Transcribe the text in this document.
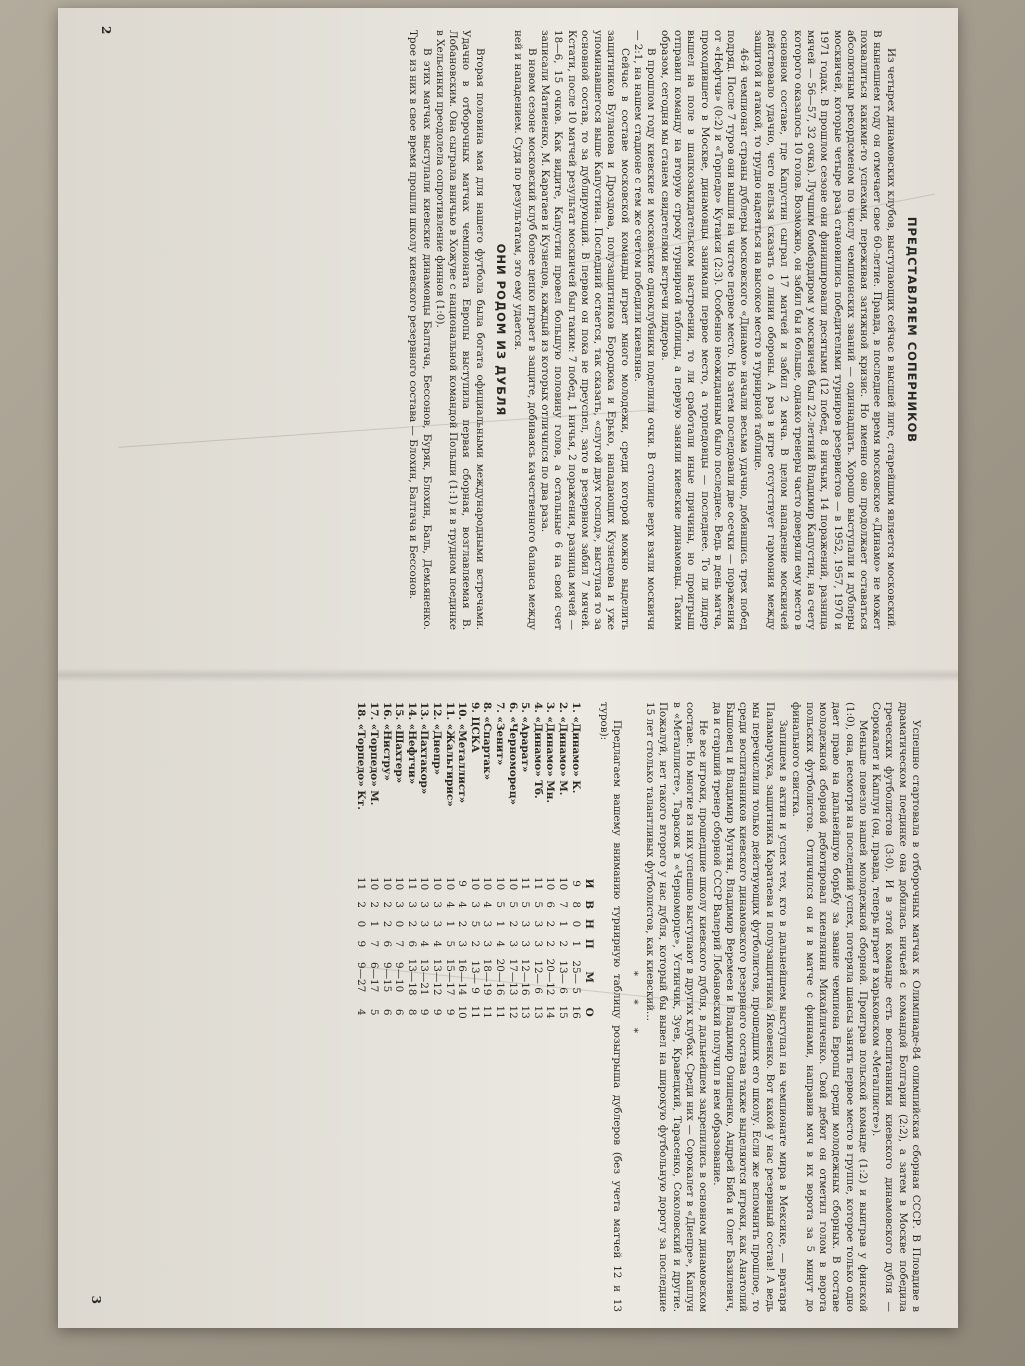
ПРЕДСТАВЛЯЕМ СОПЕРНИКОВ

Из четырех динамовских клубов, выступающих сейчас в высшей лиге, старейшим является московский. В нынешнем году он отмечает свое 60-летие. Правда, в последнее время московское «Динамо» не может похвалиться какими-то успехами, переживая затяжной кризис. Но именно оно продолжает оставаться абсолютным рекордсменом по числу чемпионских званий — одиннадцать. Хорошо выступали и дублеры москвичей, которые четыре раза становились победителями турниров резервистов — в 1952, 1957, 1970 и 1971 годах. В прошлом сезоне они финишировали десятыми (12 побед, 8 ничьих, 14 поражений, разница мячей — 56—57, 32 очка). Лучшим бомбардиром у москвичей был 22-летний Владимир Капустин, на счету которого оказалось 10 голов. Возможно, он забил бы и больше, однако тренеры часто доверяли ему место в основном составе, где Капустин сыграл 17 матчей и забил 2 мяча. В целом нападение москвичей действовало удачно, чего нельзя сказать о линии обороны. А раз в игре отсутствует гармония между защитой и атакой, то трудно надеяться на высокое место в турнирной таблице.

46-й чемпионат страны дублеры московского «Динамо» начали весьма удачно, добившись трех побед подряд. После 7 туров они вышли на чистое первое место. Но затем последовали две осечки — поражения от «Нефтчи» (0:2) и «Торпедо» Кутаиси (2:3). Особенно неожиданным было последнее. Ведь в день матча, проходившего в Москве, динамовцы занимали первое место, а торпедовцы — последнее. То ли лидер вышел на поле в шапкозакидательском настроении, то ли сработали иные причины, но проигрыш отправил команду на вторую строку турнирной таблицы, а первую заняли киевские динамовцы. Таким образом, сегодня мы станем свидетелями встречи лидеров.

В прошлом году киевские и московские одноклубники поделили очки. В столице верх взяли москвичи — 2:1, на нашем стадионе с тем же счетом победили киевляне.

Сейчас в составе московской команды играет много молодежи, среди которой можно выделить защитников Буланова и Дроздова, полузащитников Бородюка и Ерько, нападающих Кузнецова и уже упоминавшегося выше Капустина. Последний остается, так сказать, «слугой двух господ», выступая то за основной состав, то за дублирующий. В первом он пока не преуспел, зато в резервном забил 7 мячей. Кстати, после 10 матчей результат москвичей был таким: 7 побед, 1 ничья, 2 поражения, разница мячей — 18—6, 15 очков. Как видите, Капустин провел большую половину голов, а остальные 6 на свой счет записали Матвиенко, М. Каратаев и Кузнецов, каждый из которых отличился по два раза.

В новом сезоне московский клуб более цепко играет в защите, добиваясь качественного баланса между ней и нападением. Судя по результатам, это ему удается.

ОНИ РОДОМ ИЗ ДУБЛЯ

Вторая половина мая для нашего футбола была богата официальными международными встречами. Удачно в отборочных матчах чемпионата Европы выступила первая сборная, возглавляемая В. Лобановским. Она сыграла вничью в Хожуве с национальной командой Польши (1:1) и в трудном поединке в Хельсинки преодолела сопротивление финнов (1:0).

В этих матчах выступали киевские динамовцы Балтача, Бессонов, Буряк, Блохин, Баль, Демьяненко. Трое из них в свое время прошли школу киевского резервного состава — Блохин, Балтача и Бессонов.

2

Успешно стартовала в отборочных матчах к Олимпиаде-84 олимпийская сборная СССР. В Пловдиве в драматическом поединке она добилась ничьей с командой Болгарии (2:2), а затем в Москве победила греческих футболистов (3:0). И в этой команде есть воспитанники киевского динамовского дубля — Сорокалет и Каплун (он, правда, теперь играет в харьковском «Металлисте»).

Меньше повезло нашей молодежной сборной. Проиграв польской команде (1:2) и выиграв у финской (1:0), она, несмотря на последний успех, потеряла шансы занять первое место в группе, которое только одно дает право на дальнейшую борьбу за звание чемпиона Европы среди молодежных сборных. В составе молодежной сборной дебютировал киевлянин Михайличенко. Свой дебют он отметил голом в ворота польских футболистов. Отличился он и в матче с финнами, направив мяч в их ворота за 5 минут до финального свистка.

Запишем в актив и успех тех, кто в дальнейшем выступал на чемпионате мира в Мексике, — вратаря Паламарчука, защитника Каратаева и полузащитника Яковенко. Вот какой у нас резервный состав! А ведь мы перечислили только действующих футболистов, прошедших его школу. Если же вспомнить прошлое, то среди воспитанников киевского динамовского резервного состава также выделяются игроки, как Анатолий Бышовец и Владимир Мунтян, Владимир Веремеев и Владимир Онищенко, Андрей Биба и Олег Базилевич, да и старший тренер сборной СССР Валерий Лобановский получил в нем образование.

Не все игроки, прошедшие школу киевского дубля, в дальнейшем закрепились в основном динамовском составе. Но многие из них успешно выступают в других клубах. Среди них — Сорокалет в «Днепре», Каплун в «Металлисте», Тарасюк в «Черноморце», Устинчик, Зуев, Кравецкий, Тарасенко, Соколовский и другие. Пожалуй, нет такого второго у нас дубля, который бы вывел на широкую футбольную дорогу за последние 15 лет столько талантливых футболистов, как киевский...

* * *

Предлагаем вашему вниманию турнирную таблицу розыгрыша дублеров (без учета матчей 12 и 13 туров):

	И	В	Н	П	М	О
1. «Динамо» К.	9	8	0	1	25— 5	16
2. «Динамо» М.	10	7	1	2	13— 6	15
3. «Динамо» Мн.	10	6	2	2	20—12	14
4. «Динамо» Тб.	11	5	3	3	12— 6	13
5. «Арарат»	11	5	3	3	12—16	13
6. «Черноморец»	10	5	2	3	17—13	12
7. «Зенит»	10	5	1	4	20—16	11
8. «Спартак»	10	4	3	3	18—19	11
9. ЦСКА	10	3	5	2	13— 9	11
10. «Металлист»	9	4	2	3	16—14	10
11. «Жальгирис»	10	4	1	5	15—17	9
12. «Днепр»	10	3	3	4	13—12	9
13. «Пахтакор»	10	3	3	4	13—21	9
14. «Нефтчи»	11	3	2	6	13—18	8
15. «Шахтер»	10	3	0	7	9—10	6
16. «Нистру»	10	2	2	6	9—15	6
17. «Торпедо» М.	10	2	1	7	6—17	5
18. «Торпедо» Кт.	11	2	0	9	9—27	4
3
